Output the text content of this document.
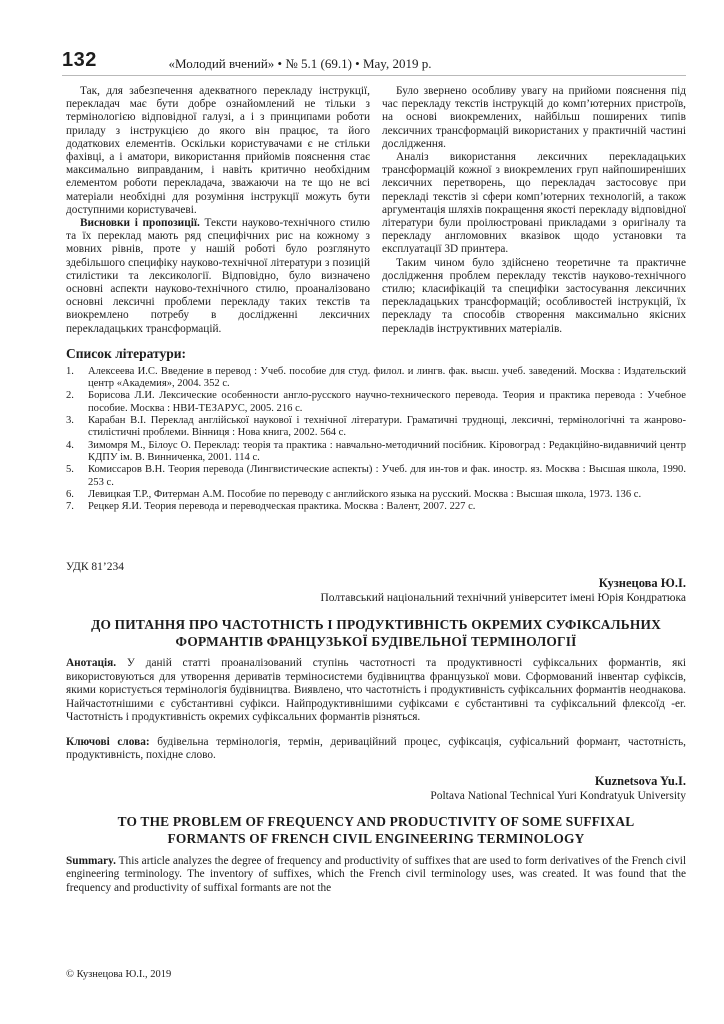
132	«Молодий вчений» • № 5.1 (69.1) • May, 2019 р.

Так, для забезпечення адекватного перекладу інструкції, перекладач має бути добре ознайомлений не тільки з термінологією відповідної галузі, а і з принципами роботи приладу з інструкцією до якого він працює, та його додаткових елементів. Оскільки користувачами є не стільки фахівці, а і аматори, використання прийомів пояснення стає максимально виправданим, і навіть критично необхідним елементом роботи перекладача, зважаючи на те що не всі матеріали необхідні для розуміння інструкції можуть бути доступними користувачеві.

Висновки і пропозиції. Тексти науково-технічного стилю та їх переклад мають ряд специфічних рис на кожному з мовних рівнів, проте у нашій роботі було розглянуто здебільшого специфіку науково-технічної літератури з позицій стилістики та лексикології. Відповідно, було визначено основні аспекти науково-технічного стилю, проаналізовано основні лексичні проблеми перекладу таких текстів та виокремлено потребу в дослідженні лексичних перекладацьких трансформацій.

Було звернено особливу увагу на прийоми пояснення під час перекладу текстів інструкцій до комп’ютерних пристроїв, на основі виокремлених, найбільш поширених типів лексичних трансформацій використаних у практичній частині дослідження.

Аналіз використання лексичних перекладацьких трансформацій кожної з виокремлених груп найпоширеніших лексичних перетворень, що перекладач застосовує при перекладі текстів зі сфери комп’ютерних технологій, а також аргументація шляхів покращення якості перекладу відповідної літератури були проілюстровані прикладами з оригіналу та перекладу англомовних вказівок щодо установки та експлуатації 3D принтера.

Таким чином було здійснено теоретичне та практичне дослідження проблем перекладу текстів науково-технічного стилю; класифікацій та специфіки застосування лексичних перекладацьких трансформацій; особливостей інструкцій, їх перекладу та способів створення максимально якісних перекладів інструктивних матеріалів.

Список літератури:
1.	Алексеева И.С. Введение в перевод : Учеб. пособие для студ. филол. и лингв. фак. высш. учеб. заведений. Москва : Издательский центр «Академия», 2004. 352 с.
2.	Борисова Л.И. Лексические особенности англо-русского научно-технического перевода. Теория и практика перевода : Учебное пособие. Москва : НВИ-ТЕЗАРУС, 2005. 216 с.
3.	Карабан В.І. Переклад англійської наукової і технічної літератури. Граматичні труднощі, лексичні, термінологічні та жанрово-стилістичні проблеми. Вінниця : Нова книга, 2002. 564 с.
4.	Зимомря М., Білоус О. Переклад: теорія та практика : навчально-методичний посібник. Кіровоград : Редакційно-видавничий центр КДПУ ім. В. Винниченка, 2001. 114 с.
5.	Комиссаров В.Н. Теория перевода (Лингвистические аспекты) : Учеб. для ин-тов и фак. иностр. яз. Москва : Высшая школа, 1990. 253 с.
6.	Левицкая Т.Р., Фитерман А.М. Пособие по переводу с английского языка на русский. Москва : Высшая школа, 1973. 136 с.
7.	Рецкер Я.И. Теория перевода и переводческая практика. Москва : Валент, 2007. 227 с.
УДК 81’234
Кузнецова Ю.І.
Полтавський національний технічний університет імені Юрія Кондратюка
ДО ПИТАННЯ ПРО ЧАСТОТНІСТЬ І ПРОДУКТИВНІСТЬ ОКРЕМИХ СУФІКСАЛЬНИХ ФОРМАНТІВ ФРАНЦУЗЬКОЇ БУДІВЕЛЬНОЇ ТЕРМІНОЛОГІЇ

Анотація. У даній статті проаналізований ступінь частотності та продуктивності суфіксальних формантів, які використовуються для утворення дериватів терміносистеми будівництва французької мови. Сформований інвентар суфіксів, якими користується термінологія будівництва. Виявлено, что частотність і продуктивність суфіксальних формантів неоднакова. Найчастотнішими є субстантивні суфікси. Найпродуктивнішими суфіксами є субстантивні та суфіксальний флексоїд -er. Частотність і продуктивність окремих суфіксальних формантів різняться.

Ключові слова: будівельна термінологія, термін, дериваційний процес, суфіксація, суфісальний формант, частотність, продуктивність, похідне слово.

Kuznetsova Yu.I.
Poltava National Technical Yuri Kondratyuk University
TO THE PROBLEM OF FREQUENCY AND PRODUCTIVITY OF SOME SUFFIXAL FORMANTS OF FRENCH CIVIL ENGINEERING TERMINOLOGY

Summary. This article analyzes the degree of frequency and productivity of suffixes that are used to form derivatives of the French civil engineering terminology. The inventory of suffixes, which the French civil terminology uses, was created. It was found that the frequency and productivity of suffixal formants are not the

© Кузнецова Ю.І., 2019
